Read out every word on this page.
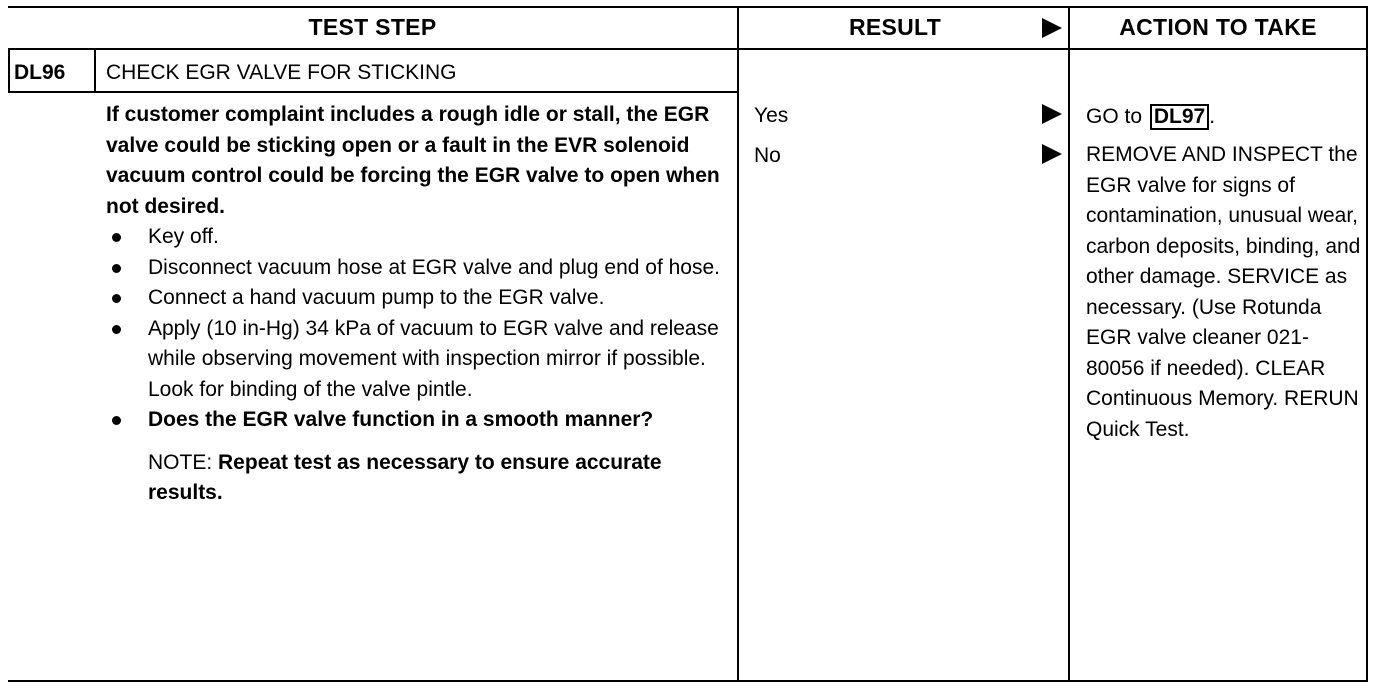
TEST STEP	RESULT	ACTION TO TAKE
DL96 CHECK EGR VALVE FOR STICKING

If customer complaint includes a rough idle or stall, the EGR valve could be sticking open or a fault in the EVR solenoid vacuum control could be forcing the EGR valve to open when not desired.

Key off.
Disconnect vacuum hose at EGR valve and plug end of hose.
Connect a hand vacuum pump to the EGR valve.
Apply (10 in-Hg) 34 kPa of vacuum to EGR valve and release while observing movement with inspection mirror if possible. Look for binding of the valve pintle.
Does the EGR valve function in a smooth manner?
NOTE: Repeat test as necessary to ensure accurate results.
Yes	GO to DL97 .
No	REMOVE AND INSPECT the EGR valve for signs of contamination, unusual wear, carbon deposits, binding, and other damage. SERVICE as necessary. (Use Rotunda EGR valve cleaner 021-80056 if needed). CLEAR Continuous Memory. RERUN Quick Test.
